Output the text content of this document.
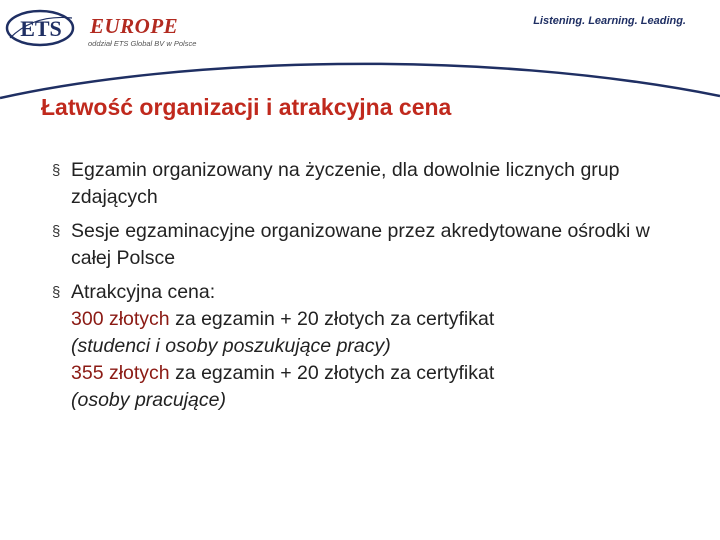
ETS EUROPE
oddział ETS Global BV w Polsce
Listening. Learning. Leading.
Łatwość organizacji i atrakcyjna cena
§ Egzamin organizowany na życzenie, dla dowolnie licznych grup zdających
§ Sesje egzaminacyjne organizowane przez akredytowane ośrodki w całej Polsce
§ Atrakcyjna cena:
300 złotych za egzamin + 20 złotych za certyfikat
(studenci i osoby poszukujące pracy)
355 złotych za egzamin + 20 złotych za certyfikat
(osoby pracujące)
